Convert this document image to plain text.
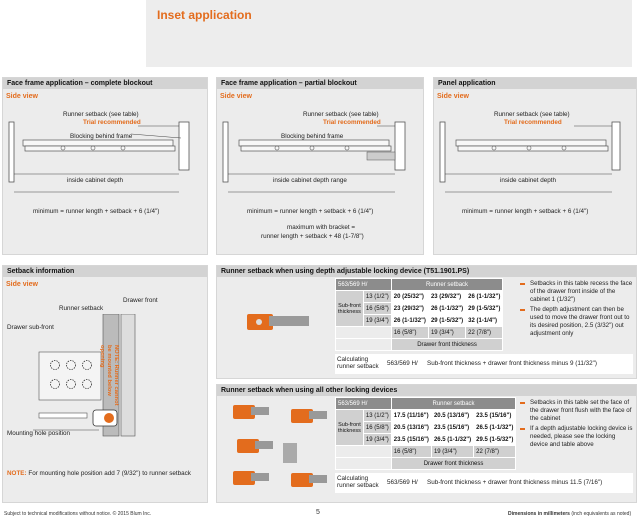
Inset application
Face frame application – complete blockout
Side view
Runner setback (see table)
Trial recommended
Blocking behind frame
inside cabinet depth
minimum = runner length + setback + 6 (1/4")
Face frame application – partial blockout
Side view
Runner setback (see table)
Trial recommended
Blocking behind frame
inside cabinet depth range
minimum = runner length + setback + 6 (1/4")
maximum with bracket =
runner length + setback + 48 (1-7/8")
Panel application
Side view
Runner setback (see table)
Trial recommended
inside cabinet depth
minimum = runner length + setback + 6 (1/4")
Setback information
Side view
Runner setback
Drawer front
Drawer sub-front
NOTE: Runner cannot be mounted below opening
Mounting hole position
NOTE: For mounting hole position add 7 (9/32") to runner setback
Runner setback when using depth adjustable locking device (T51.1901.PS)
563/569 H/		Runner setback		
Sub-front thickness	13 (1/2")	20 (25/32")	23 (29/32")	26 (1-1/32")
	16 (5/8")	23 (29/32")	26 (1-1/32")	29 (1-5/32")
	19 (3/4")	26 (1-1/32")	29 (1-5/32")	32 (1-1/4")
		16 (5/8")	19 (3/4")	22 (7/8")
		Drawer front thickness		
Calculating runner setback	563/569 H/ Sub-front thickness + drawer front thickness minus 9 (11/32")
Setbacks in this table recess the face of the drawer front inside of the cabinet 1 (1/32")
The depth adjustment can then be used to move the drawer front out to its desired position, 2.5 (3/32") out adjustment only
Runner setback when using all other locking devices
563/569 H/		Runner setback		
Sub-front thickness	13 (1/2")	17.5 (11/16")	20.5 (13/16")	23.5 (15/16")
	16 (5/8")	20.5 (13/16")	23.5 (15/16")	26.5 (1-1/32")
	19 (3/4")	23.5 (15/16")	26.5 (1-1/32")	29.5 (1-5/32")
		16 (5/8")	19 (3/4")	22 (7/8")
		Drawer front thickness		
Calculating runner setback	563/569 H/ Sub-front thickness + drawer front thickness minus 11.5 (7/16")
Setbacks in this table set the face of the drawer front flush with the face of the cabinet
If a depth adjustable locking device is needed, please see the locking device and table above
Subject to technical modifications without notice. © 2015 Blum Inc.	5	Dimensions in millimeters (inch equivalents as noted)
